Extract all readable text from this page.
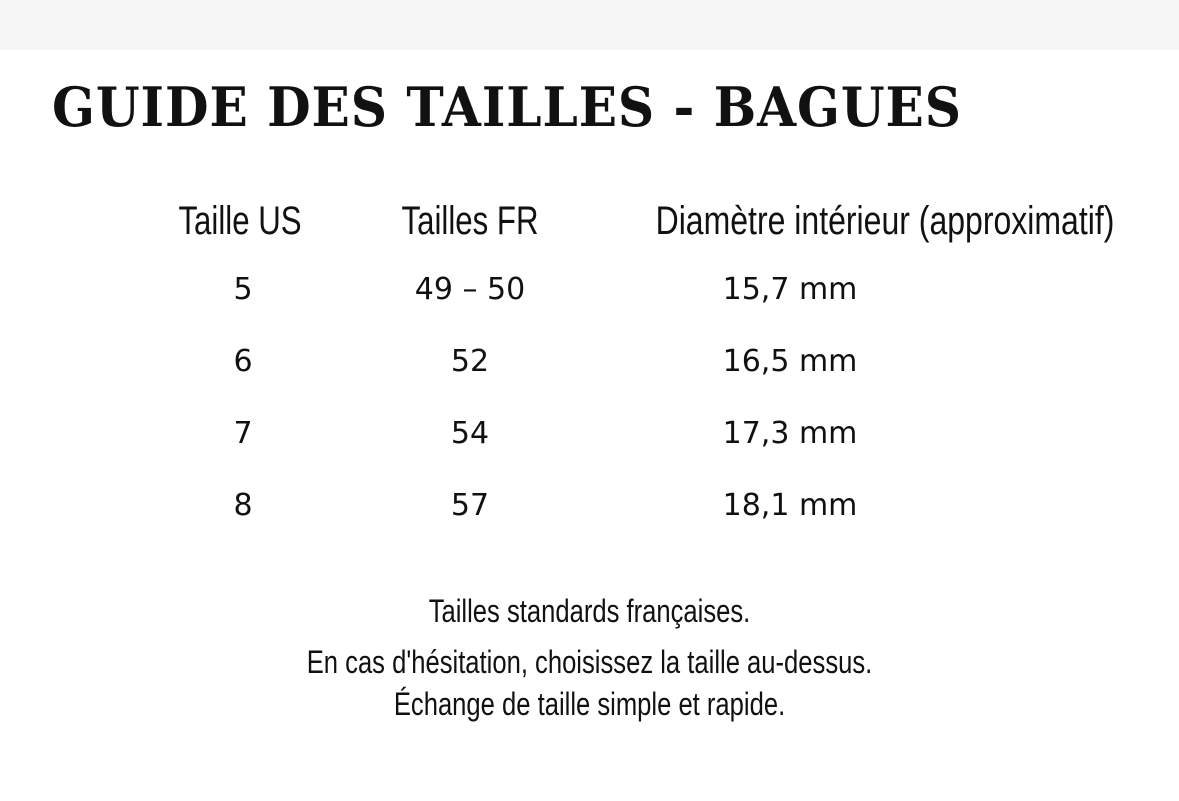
GUIDE DES TAILLES - BAGUES
Taille US	Tailles FR	Diamètre intérieur (approximatif)
5	49 – 50	15,7 mm
6	52	16,5 mm
7	54	17,3 mm
8	57	18,1 mm
Tailles standards françaises.
En cas d'hésitation, choisissez la taille au-dessus.
Échange de taille simple et rapide.
